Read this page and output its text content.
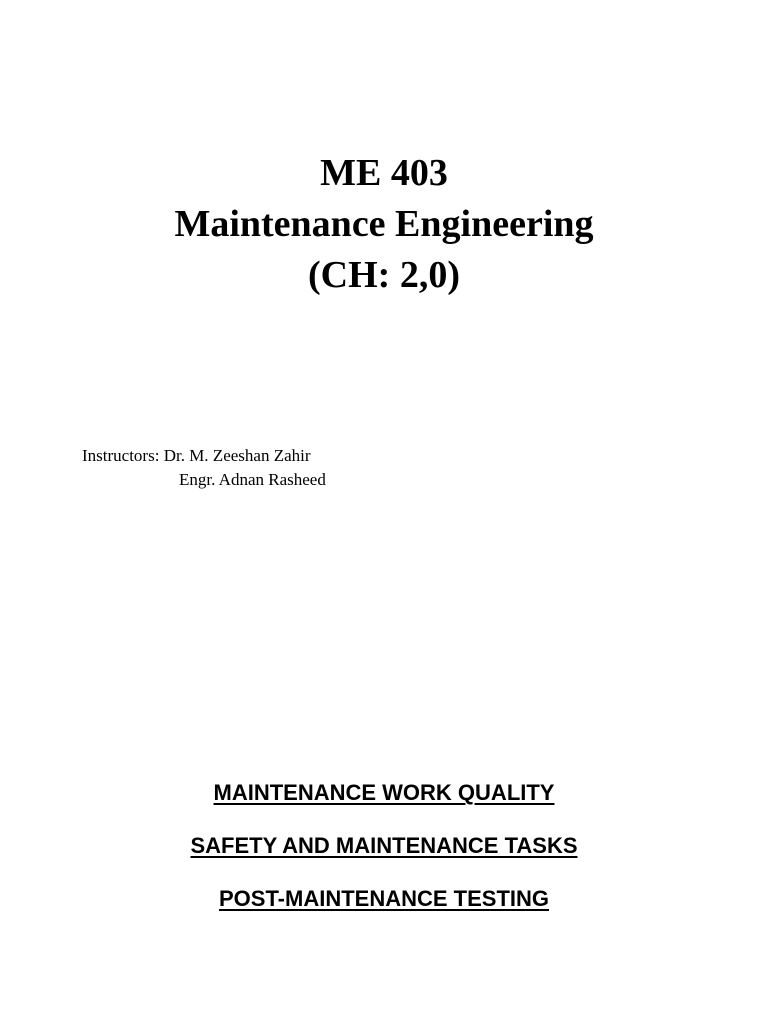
ME 403
Maintenance Engineering
(CH: 2,0)
Instructors: Dr. M. Zeeshan Zahir
Engr. Adnan Rasheed
MAINTENANCE WORK QUALITY
SAFETY AND MAINTENANCE TASKS
POST-MAINTENANCE TESTING
